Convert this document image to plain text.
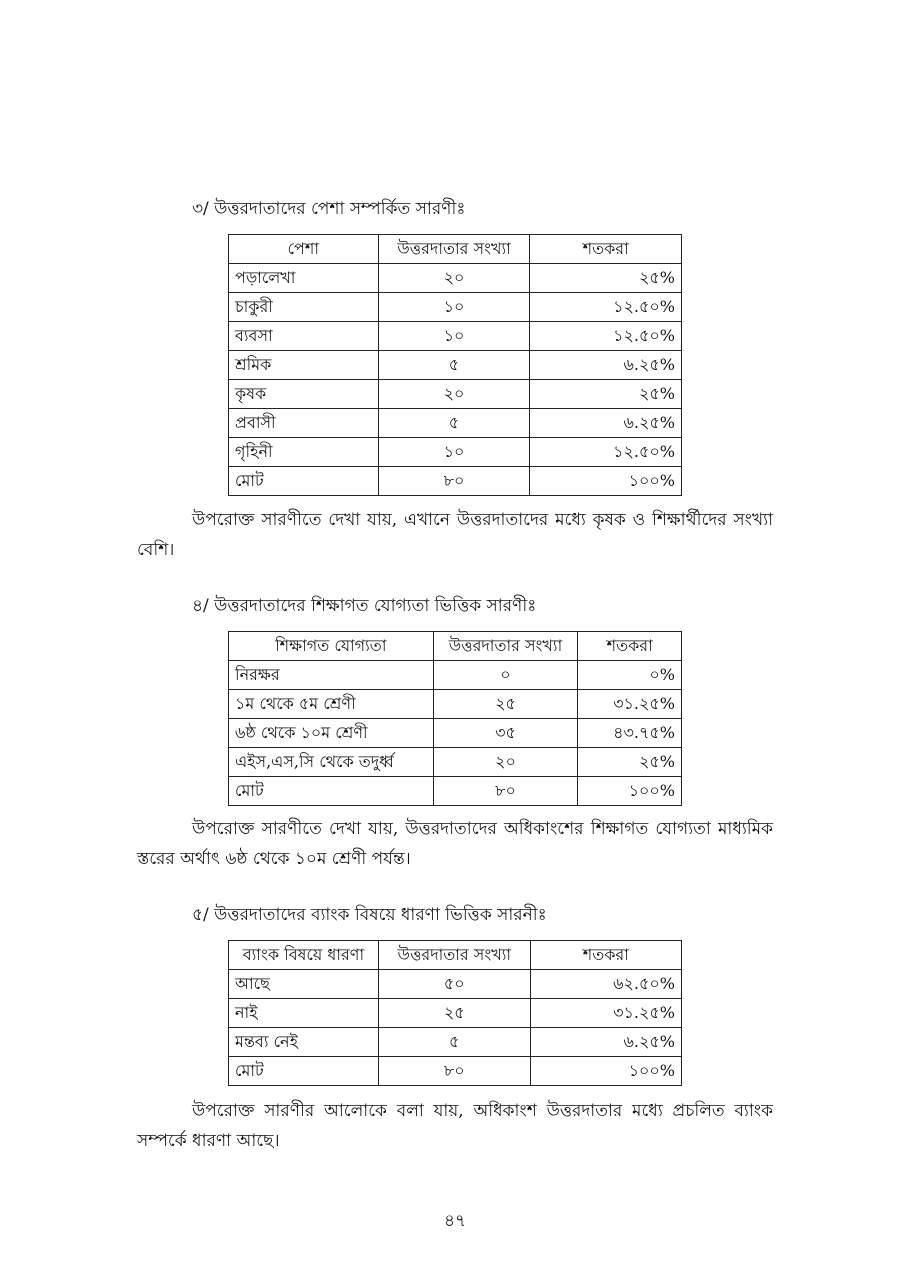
৩/ উত্তরদাতাদের পেশা সম্পর্কিত সারণীঃ
পেশা	উত্তরদাতার সংখ্যা	শতকরা
পড়ালেখা	২০	২৫%
চাকুরী	১০	১২.৫০%
ব্যবসা	১০	১২.৫০%
শ্রমিক	৫	৬.২৫%
কৃষক	২০	২৫%
প্রবাসী	৫	৬.২৫%
গৃহিনী	১০	১২.৫০%
মোট	৮০	১০০%

উপরোক্ত সারণীতে দেখা যায়, এখানে উত্তরদাতাদের মধ্যে কৃষক ও শিক্ষার্থীদের সংখ্যা বেশি।

৪/ উত্তরদাতাদের শিক্ষাগত যোগ্যতা ভিত্তিক সারণীঃ
শিক্ষাগত যোগ্যতা	উত্তরদাতার সংখ্যা	শতকরা
নিরক্ষর	০	০%
১ম থেকে ৫ম শ্রেণী	২৫	৩১.২৫%
৬ষ্ঠ থেকে ১০ম শ্রেণী	৩৫	৪৩.৭৫%
এইস,এস,সি থেকে তদুর্ধ্ব	২০	২৫%
মোট	৮০	১০০%

উপরোক্ত সারণীতে দেখা যায়, উত্তরদাতাদের অধিকাংশের শিক্ষাগত যোগ্যতা মাধ্যমিক স্তরের অর্থাৎ ৬ষ্ঠ থেকে ১০ম শ্রেণী পর্যন্ত।

৫/ উত্তরদাতাদের ব্যাংক বিষয়ে ধারণা ভিত্তিক সারনীঃ
ব্যাংক বিষয়ে ধারণা	উত্তরদাতার সংখ্যা	শতকরা
আছে	৫০	৬২.৫০%
নাই	২৫	৩১.২৫%
মন্তব্য নেই	৫	৬.২৫%
মোট	৮০	১০০%

উপরোক্ত সারণীর আলোকে বলা যায়, অধিকাংশ উত্তরদাতার মধ্যে প্রচলিত ব্যাংক সম্পর্কে ধারণা আছে।

৪৭
